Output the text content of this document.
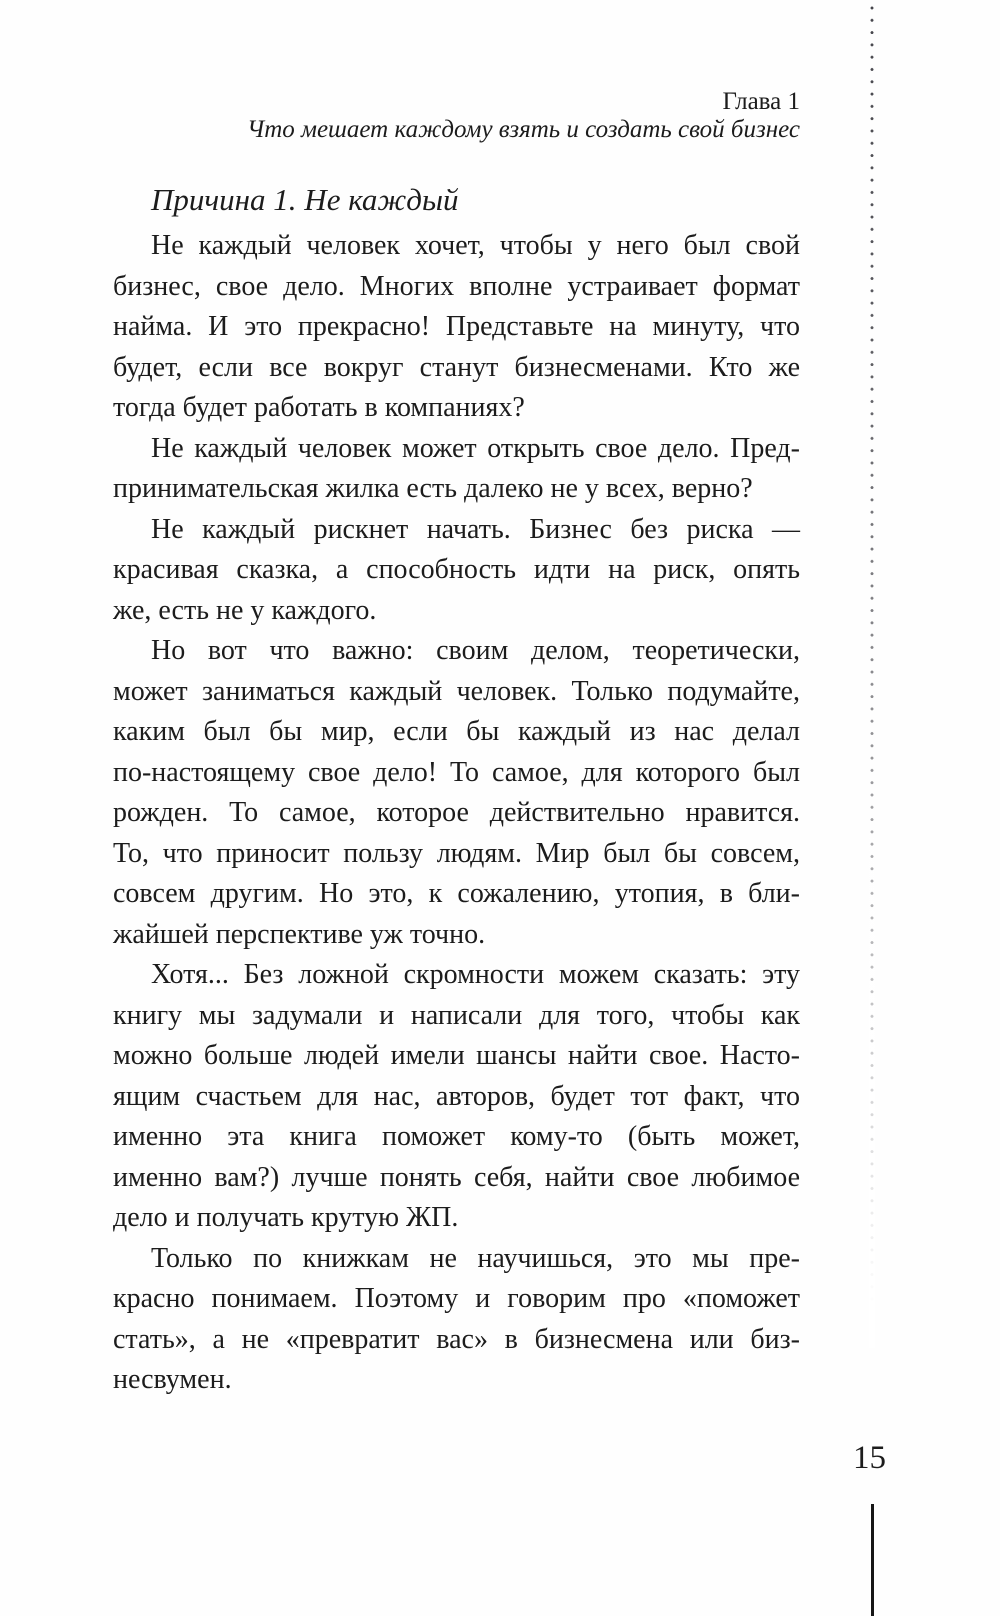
Глава 1
Что мешает каждому взять и создать свой бизнес
Причина 1. Не каждый
Не каждый человек хочет, чтобы у него был свой
бизнес, свое дело. Многих вполне устраивает формат
найма. И это прекрасно! Представьте на минуту, что
будет, если все вокруг станут бизнесменами. Кто же
тогда будет работать в компаниях?
Не каждый человек может открыть свое дело. Пред-
принимательская жилка есть далеко не у всех, верно?
Не каждый рискнет начать. Бизнес без риска —
красивая сказка, а способность идти на риск, опять
же, есть не у каждого.
Но вот что важно: своим делом, теоретически,
может заниматься каждый человек. Только подумайте,
каким был бы мир, если бы каждый из нас делал
по-настоящему свое дело! То самое, для которого был
рожден. То самое, которое действительно нравится.
То, что приносит пользу людям. Мир был бы совсем,
совсем другим. Но это, к сожалению, утопия, в бли-
жайшей перспективе уж точно.
Хотя... Без ложной скромности можем сказать: эту
книгу мы задумали и написали для того, чтобы как
можно больше людей имели шансы найти свое. Насто-
ящим счастьем для нас, авторов, будет тот факт, что
именно эта книга поможет кому-то (быть может,
именно вам?) лучше понять себя, найти свое любимое
дело и получать крутую ЖП.
Только по книжкам не научишься, это мы пре-
красно понимаем. Поэтому и говорим про «поможет
стать», а не «превратит вас» в бизнесмена или биз-
несвумен.
15
